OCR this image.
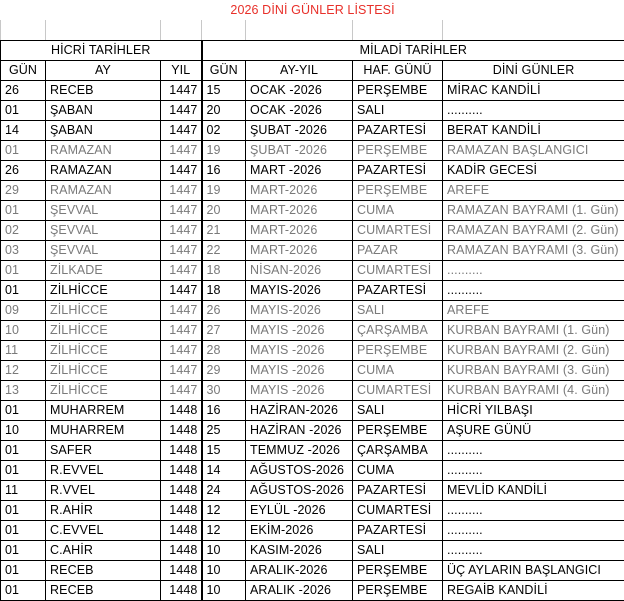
2026 DİNİ GÜNLER LİSTESİ						

HİCRİ TARİHLER			MİLADİ TARİHLER			
GÜN	AY	YIL	GÜN	AY-YIL	HAF. GÜNÜ	DİNİ GÜNLER
26	RECEB	1447	15	OCAK -2026	PERŞEMBE	MİRAC KANDİLİ
01	ŞABAN	1447	20	OCAK -2026	SALI	..........
14	ŞABAN	1447	02	ŞUBAT -2026	PAZARTESİ	BERAT KANDİLİ
01	RAMAZAN	1447	19	ŞUBAT -2026	PERŞEMBE	RAMAZAN BAŞLANGICI
26	RAMAZAN	1447	16	MART -2026	PAZARTESİ	KADİR GECESİ
29	RAMAZAN	1447	19	MART-2026	PERŞEMBE	AREFE
01	ŞEVVAL	1447	20	MART-2026	CUMA	RAMAZAN BAYRAMI (1. Gün)
02	ŞEVVAL	1447	21	MART-2026	CUMARTESİ	RAMAZAN BAYRAMI (2. Gün)
03	ŞEVVAL	1447	22	MART-2026	PAZAR	RAMAZAN BAYRAMI (3. Gün)
01	ZİLKADE	1447	18	NİSAN-2026	CUMARTESİ	..........
01	ZİLHİCCE	1447	18	MAYIS-2026	PAZARTESİ	..........
09	ZİLHİCCE	1447	26	MAYIS-2026	SALI	AREFE
10	ZİLHİCCE	1447	27	MAYIS -2026	ÇARŞAMBA	KURBAN BAYRAMI (1. Gün)
11	ZİLHİCCE	1447	28	MAYIS -2026	PERŞEMBE	KURBAN BAYRAMI (2. Gün)
12	ZİLHİCCE	1447	29	MAYIS -2026	CUMA	KURBAN BAYRAMI (3. Gün)
13	ZİLHİCCE	1447	30	MAYIS -2026	CUMARTESİ	KURBAN BAYRAMI (4. Gün)
01	MUHARREM	1448	16	HAZİRAN-2026	SALI	HİCRİ YILBAŞI
10	MUHARREM	1448	25	HAZİRAN -2026	PERŞEMBE	AŞURE GÜNÜ
01	SAFER	1448	15	TEMMUZ -2026	ÇARŞAMBA	..........
01	R.EVVEL	1448	14	AĞUSTOS-2026	CUMA	..........
11	R.VVEL	1448	24	AĞUSTOS-2026	PAZARTESİ	MEVLİD KANDİLİ
01	R.AHİR	1448	12	EYLÜL -2026	CUMARTESİ	..........
01	C.EVVEL	1448	12	EKİM-2026	PAZARTESİ	..........
01	C.AHİR	1448	10	KASIM-2026	SALI	..........
01	RECEB	1448	10	ARALIK-2026	PERŞEMBE	ÜÇ AYLARIN BAŞLANGICI
01	RECEB	1448	10	ARALIK -2026	PERŞEMBE	REGAİB KANDİLİ
